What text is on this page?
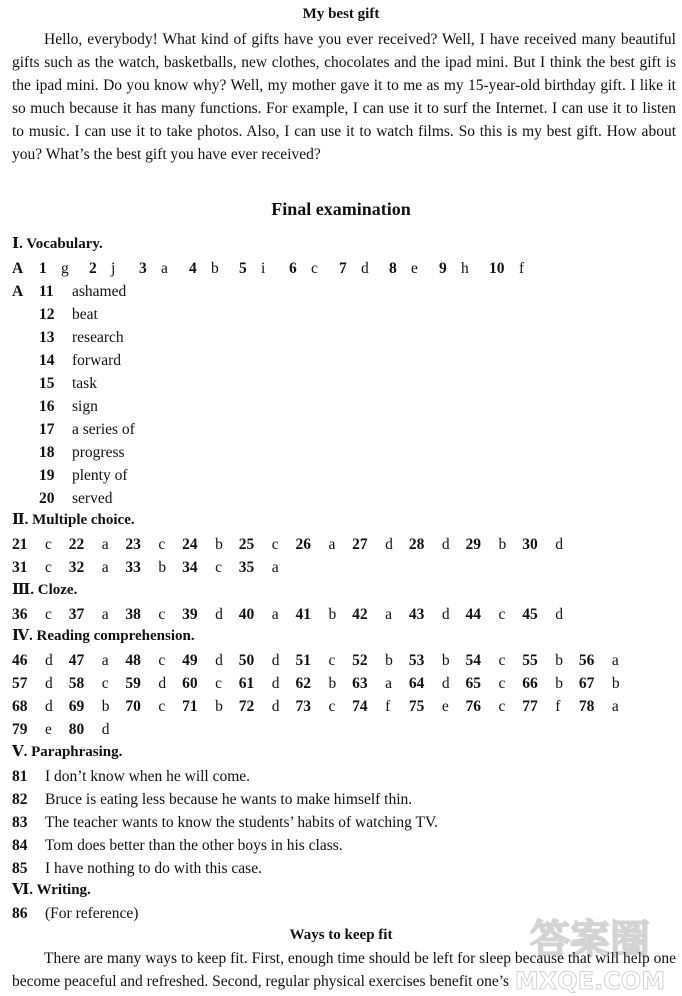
My best gift

Hello, everybody! What kind of gifts have you ever received? Well, I have received many beautiful gifts such as the watch, basketballs, new clothes, chocolates and the ipad mini. But I think the best gift is the ipad mini. Do you know why? Well, my mother gave it to me as my 15-year-old birthday gift. I like it so much because it has many functions. For example, I can use it to surf the Internet. I can use it to listen to music. I can use it to take photos. Also, I can use it to watch films. So this is my best gift. How about you? What’s the best gift you have ever received?

Final examination
Ⅰ. Vocabulary.
A 1 g 2 j 3 a 4 b 5 i 6 c 7 d 8 e 9 h 10 f
A 11 ashamed
12 beat
13 research
14 forward
15 task
16 sign
17 a series of
18 progress
19 plenty of
20 served
Ⅱ. Multiple choice.
21 c 22 a 23 c 24 b 25 c 26 a 27 d 28 d 29 b 30 d
31 c 32 a 33 b 34 c 35 a
Ⅲ. Cloze.
36 c 37 a 38 c 39 d 40 a 41 b 42 a 43 d 44 c 45 d
Ⅳ. Reading comprehension.
46 d 47 a 48 c 49 d 50 d 51 c 52 b 53 b 54 c 55 b 56 a
57 d 58 c 59 d 60 c 61 d 62 b 63 a 64 d 65 c 66 b 67 b
68 d 69 b 70 c 71 b 72 d 73 c 74 f 75 e 76 c 77 f 78 a
79 e 80 d
Ⅴ. Paraphrasing.
81 I don’t know when he will come.
82 Bruce is eating less because he wants to make himself thin.
83 The teacher wants to know the students’ habits of watching TV.
84 Tom does better than the other boys in his class.
85 I have nothing to do with this case.
Ⅵ. Writing.
86 (For reference)
Ways to keep fit

There are many ways to keep fit. First, enough time should be left for sleep because that will help one become peaceful and refreshed. Second, regular physical exercises benefit one’s

答案圈
MXQE.COM
